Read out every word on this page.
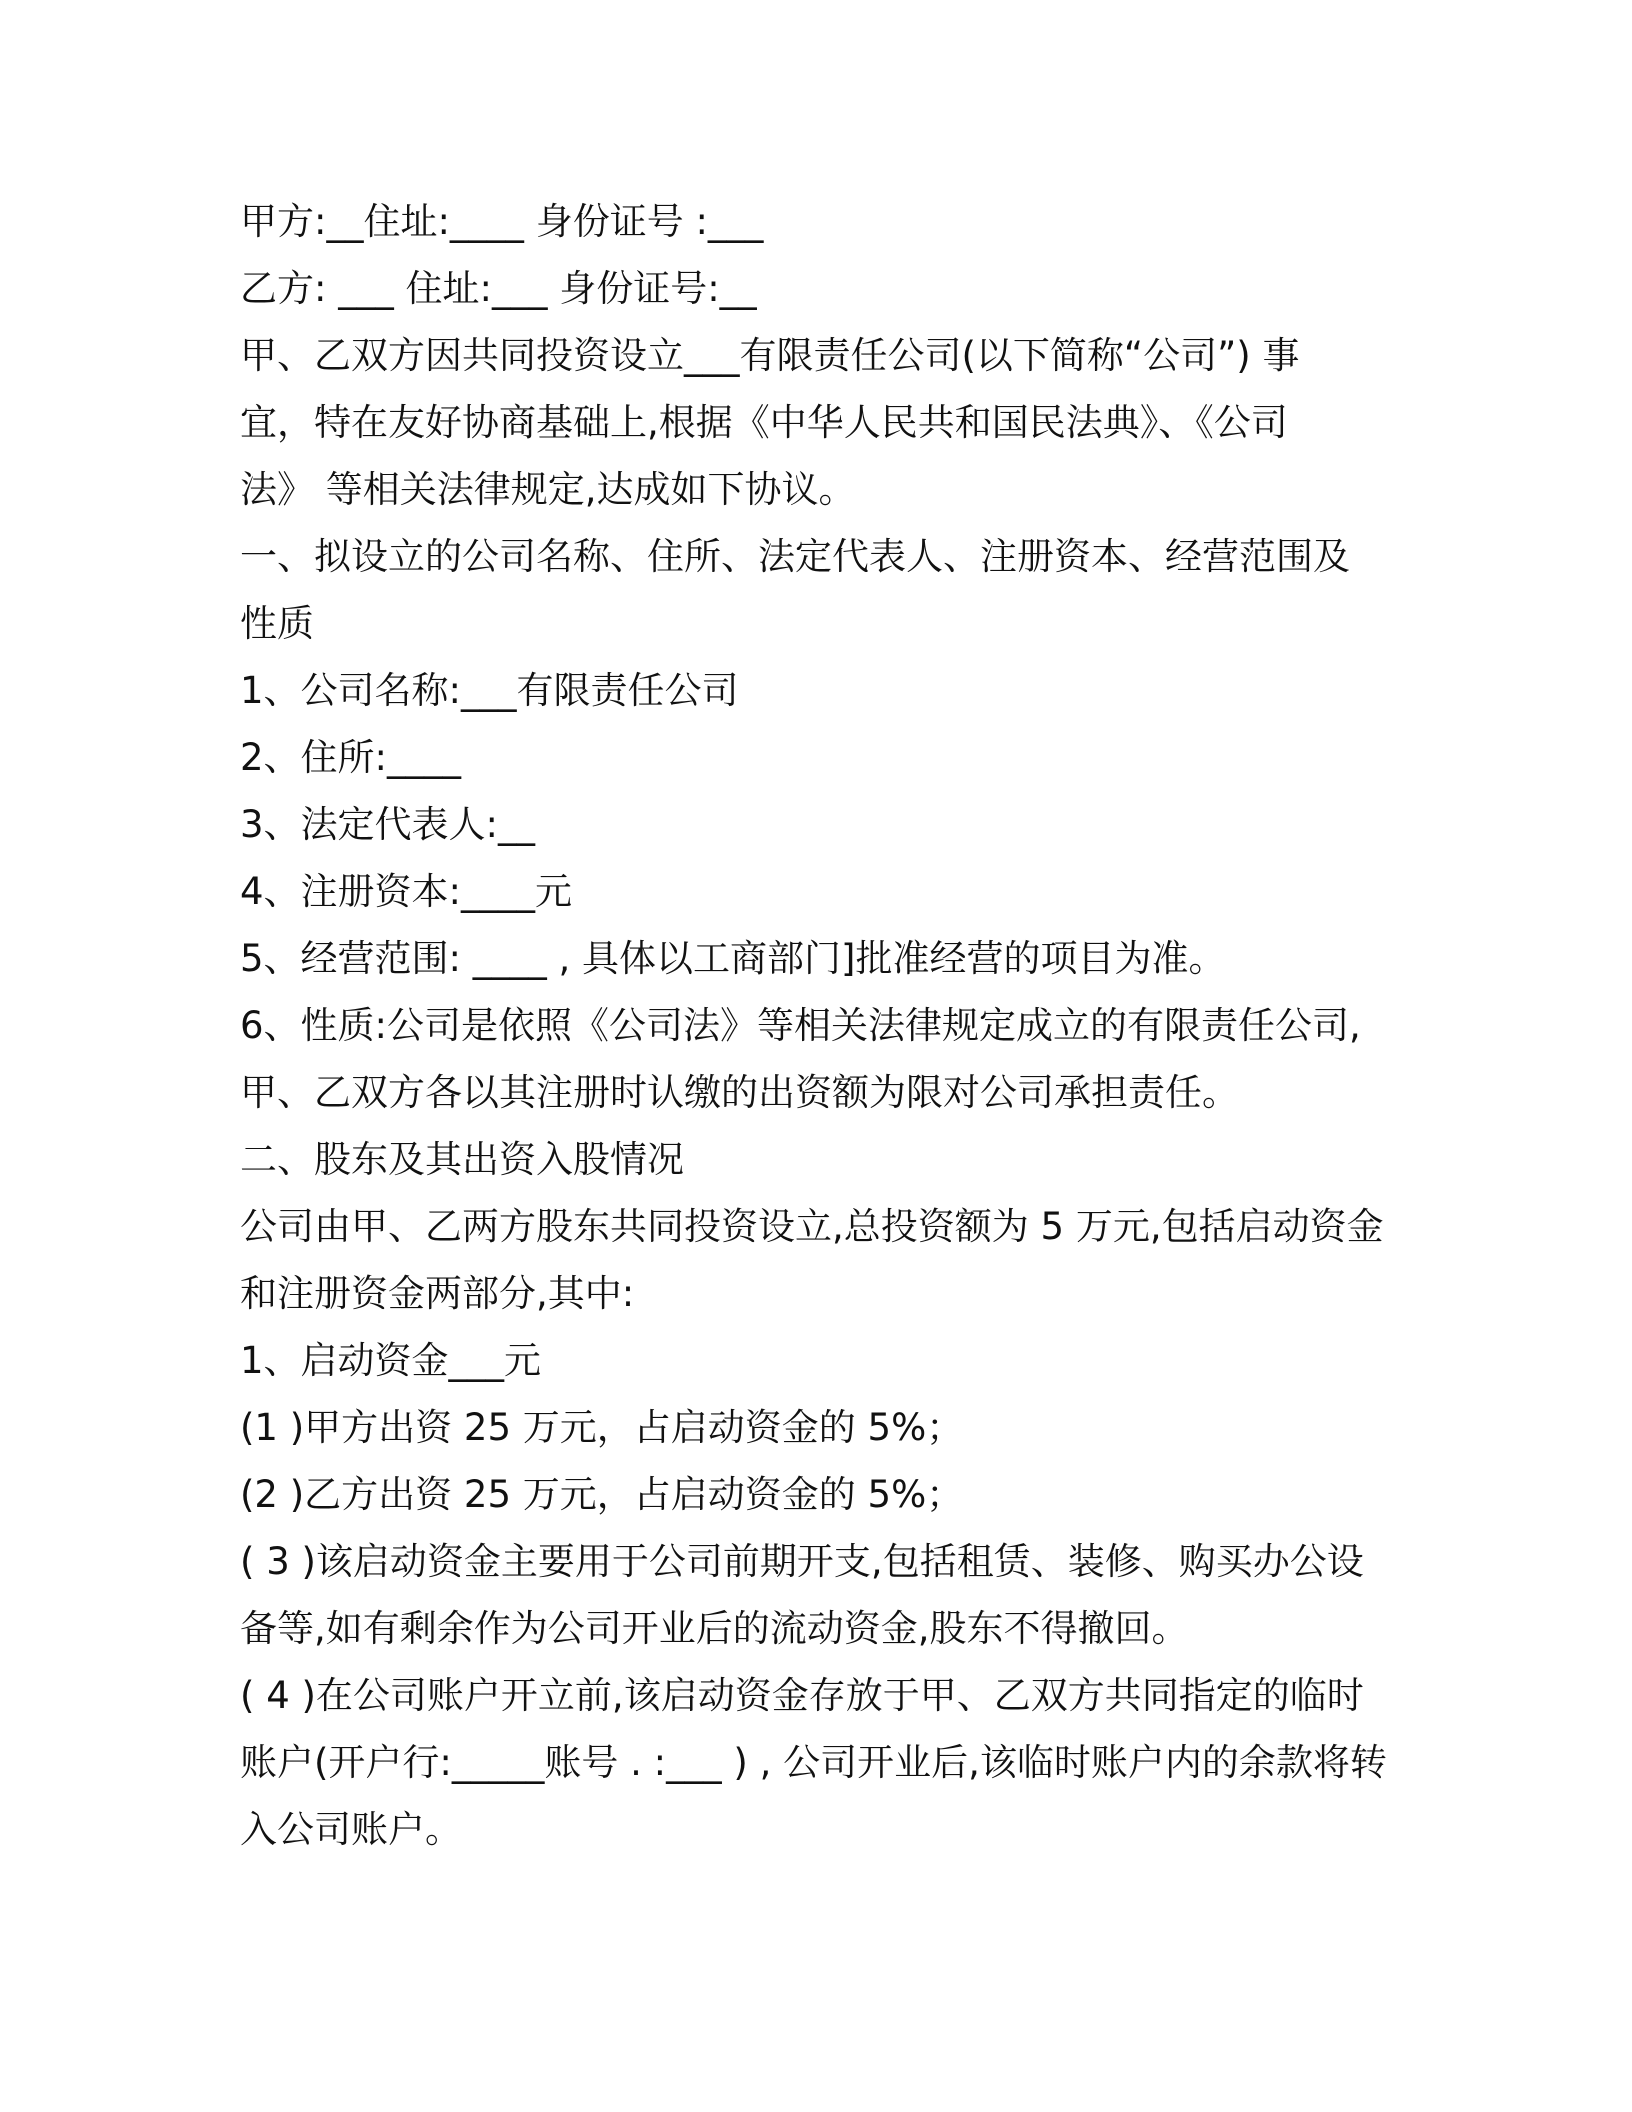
甲方:__住址:____ 身份证号 :___
乙方: ___ 住址:___ 身份证号:__
甲、乙双方因共同投资设立___有限责任公司(以下简称“公司”) 事
宜，特在友好协商基础上,根据《中华人民共和国民法典》、《公司
法》 等相关法律规定,达成如下协议。
一、拟设立的公司名称、住所、法定代表人、注册资本、经营范围及
性质
1、公司名称:___有限责任公司
2、住所:____
3、法定代表人:__
4、注册资本:____元
5、经营范围: ____ , 具体以工商部门]批准经营的项目为准。
6、性质:公司是依照《公司法》等相关法律规定成立的有限责任公司,
甲、乙双方各以其注册时认缴的出资额为限对公司承担责任。
二、股东及其出资入股情况
公司由甲、乙两方股东共同投资设立,总投资额为 5 万元,包括启动资金
和注册资金两部分,其中:
1、启动资金___元
(1 )甲方出资 25 万元，占启动资金的 5%；
(2 )乙方出资 25 万元，占启动资金的 5%；
( 3 )该启动资金主要用于公司前期开支,包括租赁、装修、购买办公设
备等,如有剩余作为公司开业后的流动资金,股东不得撤回。
( 4 )在公司账户开立前,该启动资金存放于甲、乙双方共同指定的临时
账户(开户行:_____账号 . :___ ) , 公司开业后,该临时账户内的余款将转
入公司账户。
